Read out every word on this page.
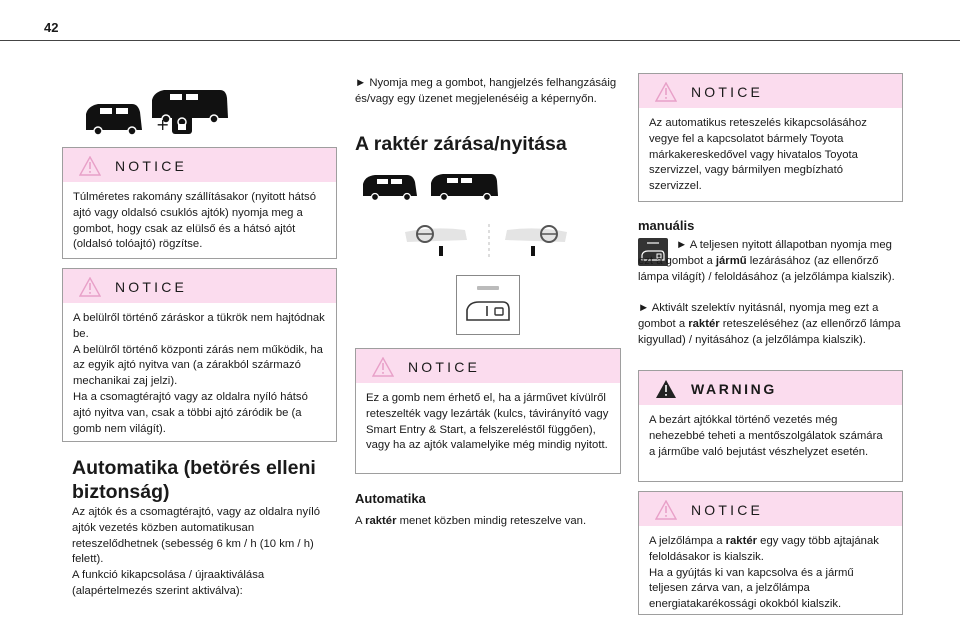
42
+
NOTICE
Túlméretes rakomány szállításakor (nyitott hátsó ajtó vagy oldalsó csuklós ajtók) nyomja meg a gombot, hogy csak az elülső és a hátsó ajtót (oldalsó tolóajtó) rögzítse.
NOTICE
A belülről történő záráskor a tükrök nem hajtódnak be.
A belülről történő központi zárás nem működik, ha az egyik ajtó nyitva van (a zárakból származó mechanikai zaj jelzi).
Ha a csomagtérajtó vagy az oldalra nyíló hátsó ajtó nyitva van, csak a többi ajtó záródik be (a gomb nem világít).
Automatika (betörés elleni biztonság)
Az ajtók és a csomagtérajtó, vagy az oldalra nyíló ajtók vezetés közben automatikusan reteszelődhetnek (sebesség 6 km / h (10 km / h) felett).
A funkció kikapcsolása / újraaktiválása (alapértelmezés szerint aktiválva):
► Nyomja meg a gombot, hangjelzés felhangzásáig és/vagy egy üzenet megjelenéséig a képernyőn.
A raktér zárása/nyitása
NOTICE
Ez a gomb nem érhető el, ha a járművet kívülről reteszelték vagy lezárták (kulcs, távirányító vagy Smart Entry & Start, a felszereléstől függően), vagy ha az ajtók valamelyike még mindig nyitott.
Automatika
A raktér menet közben mindig reteszelve van.
NOTICE
Az automatikus reteszelés kikapcsolásához vegye fel a kapcsolatot bármely Toyota márkakereskedővel vagy hivatalos Toyota szervizzel, vagy bármilyen megbízható szervizzel.
manuális
► A teljesen nyitott állapotban nyomja meg ezt a gombot a jármű lezárásához (az ellenőrző lámpa világít) / feloldásához (a jelzőlámpa kialszik).
► Aktivált szelektív nyitásnál, nyomja meg ezt a gombot a raktér reteszeléséhez (az ellenőrző lámpa kigyullad) / nyitásához (a jelzőlámpa kialszik).
WARNING
A bezárt ajtókkal történő vezetés még nehezebbé teheti a mentőszolgálatok számára a járműbe való bejutást vészhelyzet esetén.
NOTICE
A jelzőlámpa a raktér egy vagy több ajtajának feloldásakor is kialszik.
Ha a gyújtás ki van kapcsolva és a jármű teljesen zárva van, a jelzőlámpa energiatakarékossági okokból kialszik.
